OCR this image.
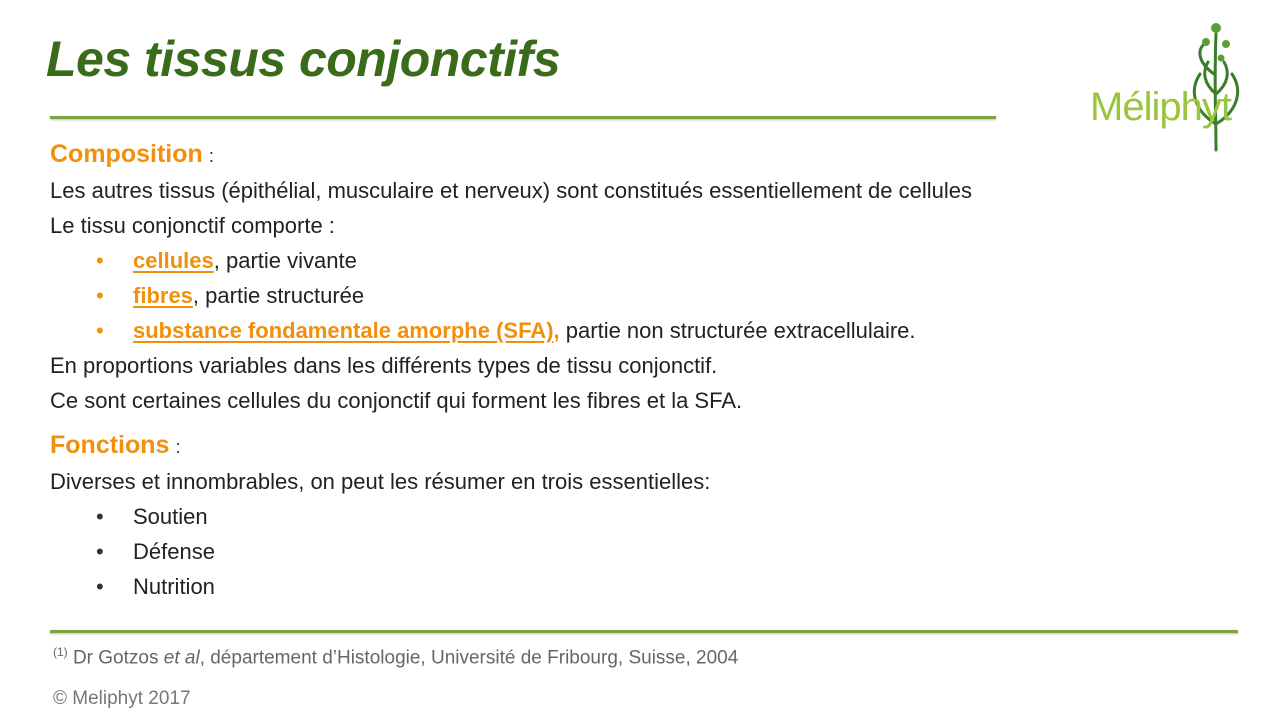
Les tissus conjonctifs
Méliphyt
Composition :
Les autres tissus (épithélial, musculaire et nerveux) sont constitués essentiellement de cellules
Le tissu conjonctif comporte :
• cellules, partie vivante
• fibres, partie structurée
• substance fondamentale amorphe (SFA), partie non structurée extracellulaire.
En proportions variables dans les différents types de tissu conjonctif.
Ce sont certaines cellules du conjonctif qui forment les fibres et la SFA.
Fonctions :
Diverses et innombrables, on peut les résumer en trois essentielles:
• Soutien
• Défense
• Nutrition
$^{(1)}$ Dr Gotzos et al, département d’Histologie, Université de Fribourg, Suisse, 2004
© Meliphyt 2017
